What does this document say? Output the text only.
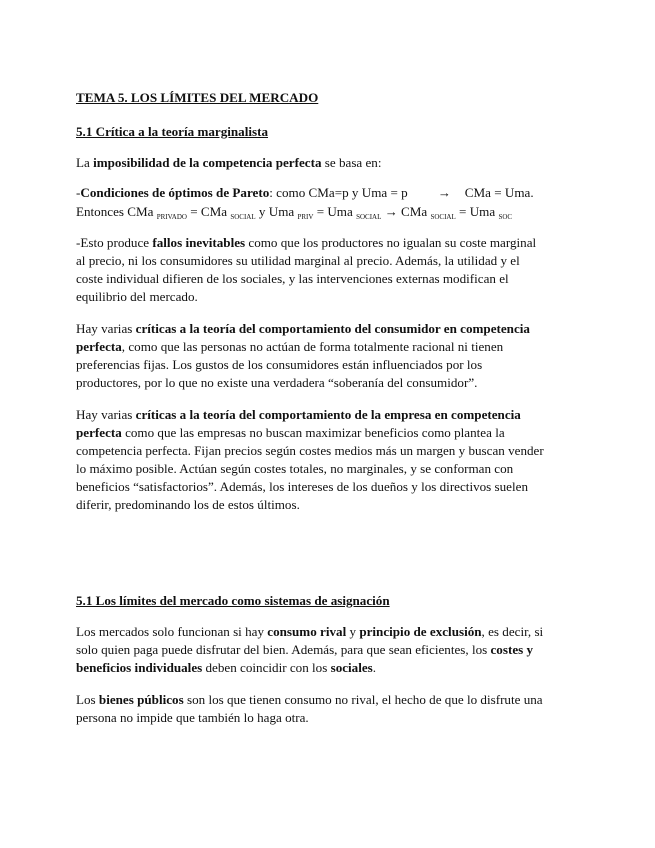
TEMA 5. LOS LÍMITES DEL MERCADO
5.1 Crítica a la teoría marginalista
La imposibilidad de la competencia perfecta se basa en:
-Condiciones de óptimos de Pareto: como CMa=p y Uma = p → CMa = Uma.
Entonces CMa $_{PRIVADO}$ = CMa $_{SOCIAL}$ y Uma $_{PRIV}$ = Uma $_{SOCIAL}$ → CMa $_{SOCIAL}$ = Uma $_{SOC}$
-Esto produce fallos inevitables como que los productores no igualan su coste marginal
al precio, ni los consumidores su utilidad marginal al precio. Además, la utilidad y el
coste individual difieren de los sociales, y las intervenciones externas modifican el
equilibrio del mercado.
Hay varias críticas a la teoría del comportamiento del consumidor en competencia
perfecta, como que las personas no actúan de forma totalmente racional ni tienen
preferencias fijas. Los gustos de los consumidores están influenciados por los
productores, por lo que no existe una verdadera “soberanía del consumidor”.
Hay varias críticas a la teoría del comportamiento de la empresa en competencia
perfecta como que las empresas no buscan maximizar beneficios como plantea la
competencia perfecta. Fijan precios según costes medios más un margen y buscan vender
lo máximo posible. Actúan según costes totales, no marginales, y se conforman con
beneficios “satisfactorios”. Además, los intereses de los dueños y los directivos suelen
diferir, predominando los de estos últimos.
5.1 Los límites del mercado como sistemas de asignación
Los mercados solo funcionan si hay consumo rival y principio de exclusión, es decir, si
solo quien paga puede disfrutar del bien. Además, para que sean eficientes, los costes y
beneficios individuales deben coincidir con los sociales.
Los bienes públicos son los que tienen consumo no rival, el hecho de que lo disfrute una
persona no impide que también lo haga otra.
